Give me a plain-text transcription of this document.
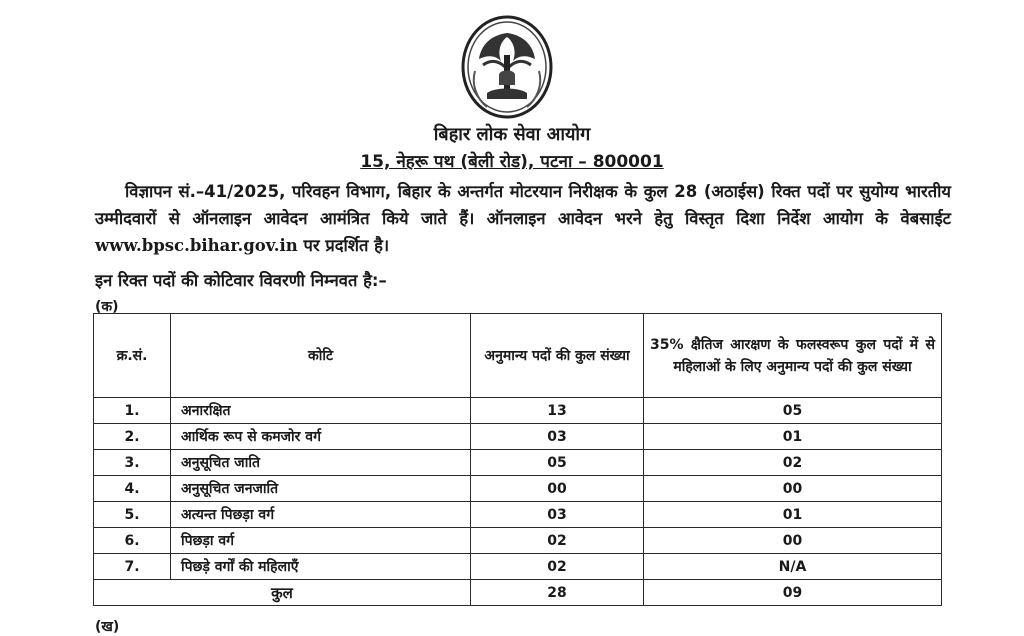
बिहार लोक सेवा आयोग
15, नेहरू पथ (बेली रोड), पटना – 800001
विज्ञापन सं.–41/2025, परिवहन विभाग, बिहार के अन्तर्गत मोटरयान निरीक्षक के कुल 28 (अठाईस) रिक्त पदों पर सुयोग्य भारतीय उम्मीदवारों से ऑनलाइन आवेदन आमंत्रित किये जाते हैं। ऑनलाइन आवेदन भरने हेतु विस्तृत दिशा निर्देश आयोग के वेबसाईट www.bpsc.bihar.gov.in पर प्रदर्शित है।
इन रिक्त पदों की कोटिवार विवरणी निम्नवत है:–
(क)
क्र.सं.	कोटि	अनुमान्य पदों की कुल संख्या	35% क्षैतिज आरक्षण के फलस्वरूप कुल पदों में से महिलाओं के लिए अनुमान्य पदों की कुल संख्या
1.	अनारक्षित	13	05
2.	आर्थिक रूप से कमजोर वर्ग	03	01
3.	अनुसूचित जाति	05	02
4.	अनुसूचित जनजाति	00	00
5.	अत्यन्त पिछड़ा वर्ग	03	01
6.	पिछड़ा वर्ग	02	00
7.	पिछड़े वर्गों की महिलाएँ	02	N/A
कुल		28	09
(ख)
